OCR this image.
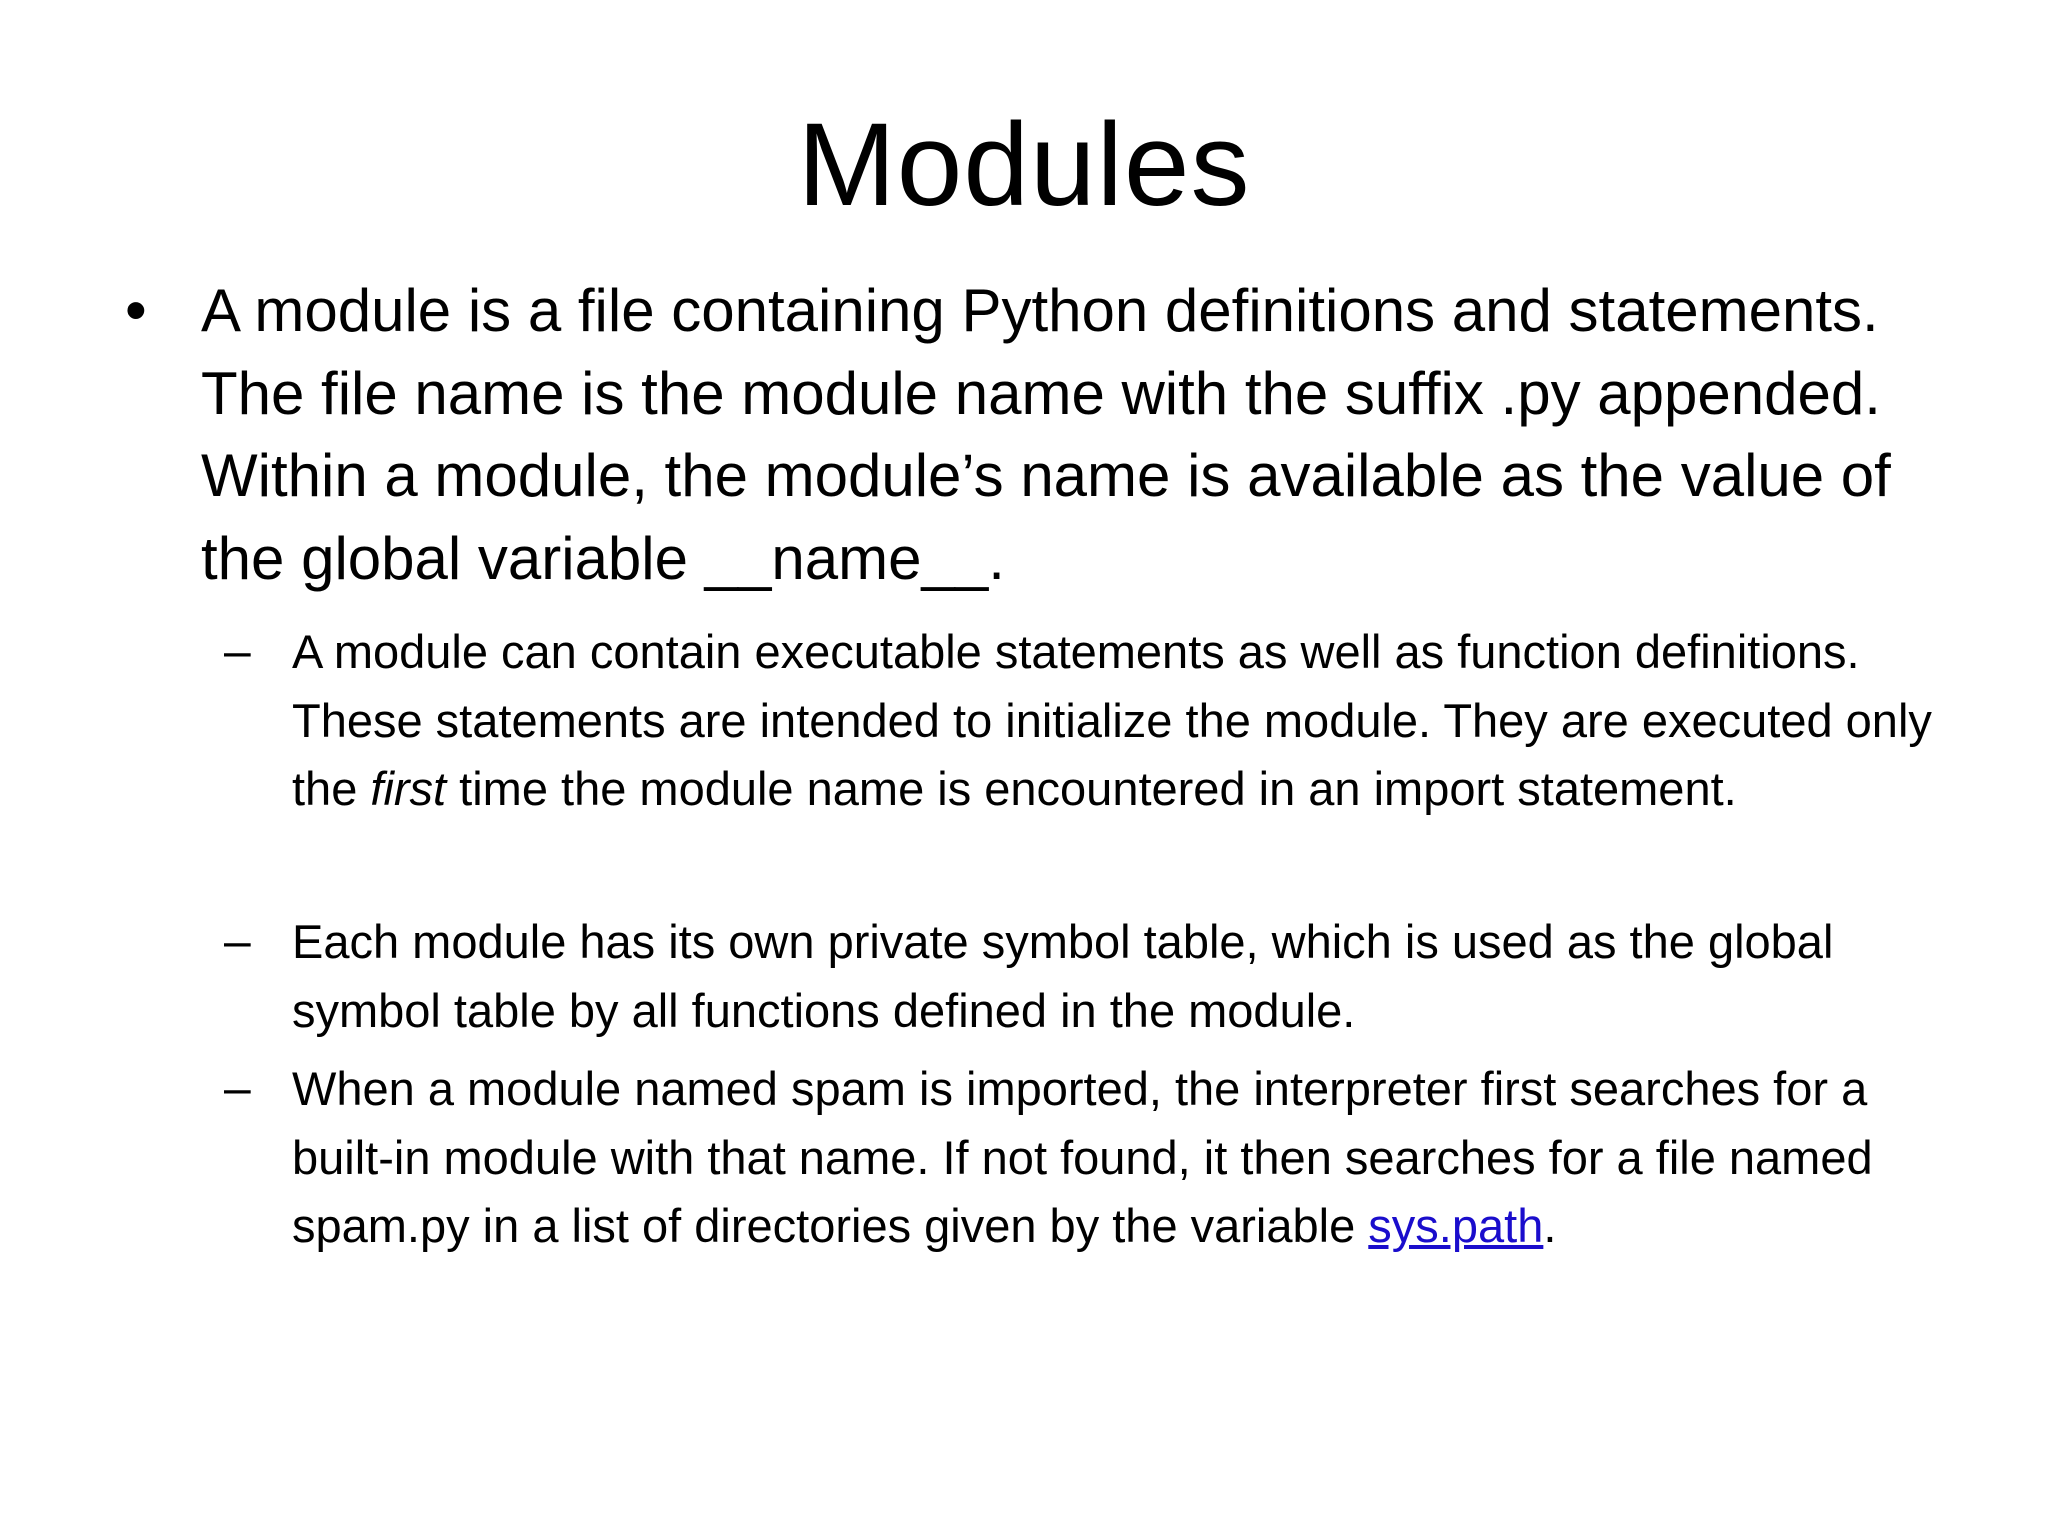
Modules
• A module is a file containing Python definitions and statements. The file name is the module name with the suffix .py appended. Within a module, the module’s name is available as the value of the global variable __name__.
– A module can contain executable statements as well as function definitions. These statements are intended to initialize the module. They are executed only the first time the module name is encountered in an import statement.
– Each module has its own private symbol table, which is used as the global symbol table by all functions defined in the module.
– When a module named spam is imported, the interpreter first searches for a built-in module with that name. If not found, it then searches for a file named spam.py in a list of directories given by the variable sys.path.
